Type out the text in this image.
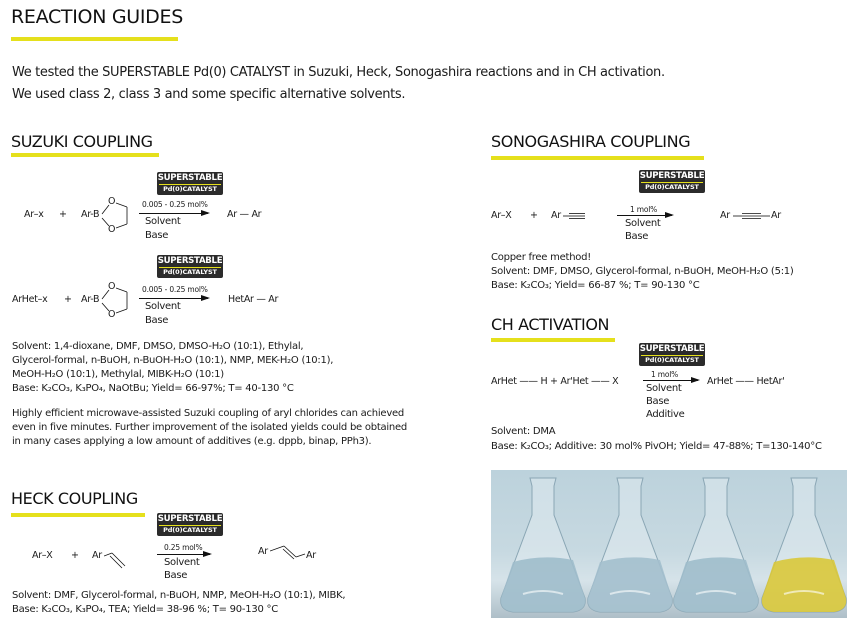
REACTION GUIDES
We tested the SUPERSTABLE Pd(0) CATALYST in Suzuki, Heck, Sonogashira reactions and in CH activation.
We used class 2, class 3 and some specific alternative solvents.
SUZUKI COUPLING
SUPERSTABLE
Pd(0)CATALYST
Ar–x + Ar-B
O
O
0.005 - 0.25 mol%
Solvent
Base
Ar — Ar
SUPERSTABLE
Pd(0)CATALYST
ArHet–x + Ar-B
O
O
0.005 - 0.25 mol%
Solvent
Base
HetAr — Ar
Solvent: 1,4-dioxane, DMF, DMSO, DMSO-H₂O (10:1), Ethylal,
Glycerol-formal, n-BuOH, n-BuOH-H₂O (10:1), NMP, MEK-H₂O (10:1),
MeOH-H₂O (10:1), Methylal, MIBK-H₂O (10:1)
Base: K₂CO₃, K₃PO₄, NaOtBu; Yield= 66-97%; T= 40-130 °C
Highly efficient microwave-assisted Suzuki coupling of aryl chlorides can achieved
even in five minutes. Further improvement of the isolated yields could be obtained
in many cases applying a low amount of additives (e.g. dppb, binap, PPh3).
HECK COUPLING
SUPERSTABLE
Pd(0)CATALYST
Ar–X + Ar
0.25 mol%
Solvent
Base
Ar	Ar
Solvent: DMF, Glycerol-formal, n-BuOH, NMP, MeOH-H₂O (10:1), MIBK,
Base: K₂CO₃, K₃PO₄, TEA; Yield= 38-96 %; T= 90-130 °C
SONOGASHIRA COUPLING
SUPERSTABLE
Pd(0)CATALYST
Ar–X + Ar
1 mol%
Solvent
Base
Ar	Ar
Copper free method!
Solvent: DMF, DMSO, Glycerol-formal, n-BuOH, MeOH-H₂O (5:1)
Base: K₂CO₃; Yield= 66-87 %; T= 90-130 °C
CH ACTIVATION
SUPERSTABLE
Pd(0)CATALYST
ArHet —— H + Ar'Het —— X
1 mol%
Solvent
Base
Additive
ArHet —— HetAr'
Solvent: DMA
Base: K₂CO₃; Additive: 30 mol% PivOH; Yield= 47-88%; T=130-140°C
